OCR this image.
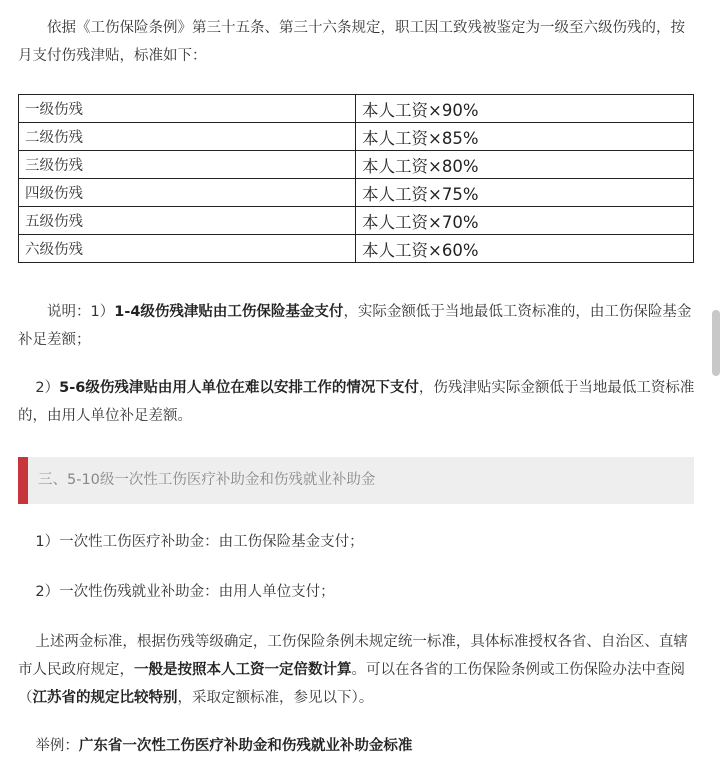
依据《工伤保险条例》第三十五条、第三十六条规定，职工因工致残被鉴定为一级至六级伤残的，按月支付伤残津贴，标准如下：

一级伤残	本人工资×90%
二级伤残	本人工资×85%
三级伤残	本人工资×80%
四级伤残	本人工资×75%
五级伤残	本人工资×70%
六级伤残	本人工资×60%

说明：1）1-4级伤残津贴由工伤保险基金支付，实际金额低于当地最低工资标准的，由工伤保险基金补足差额；

2）5-6级伤残津贴由用人单位在难以安排工作的情况下支付，伤残津贴实际金额低于当地最低工资标准的，由用人单位补足差额。

三、5-10级一次性工伤医疗补助金和伤残就业补助金

1）一次性工伤医疗补助金：由工伤保险基金支付；

2）一次性伤残就业补助金：由用人单位支付；

上述两金标准，根据伤残等级确定，工伤保险条例未规定统一标准，具体标准授权各省、自治区、直辖市人民政府规定，一般是按照本人工资一定倍数计算。可以在各省的工伤保险条例或工伤保险办法中查阅（江苏省的规定比较特别，采取定额标准，参见以下）。

举例：广东省一次性工伤医疗补助金和伤残就业补助金标准
